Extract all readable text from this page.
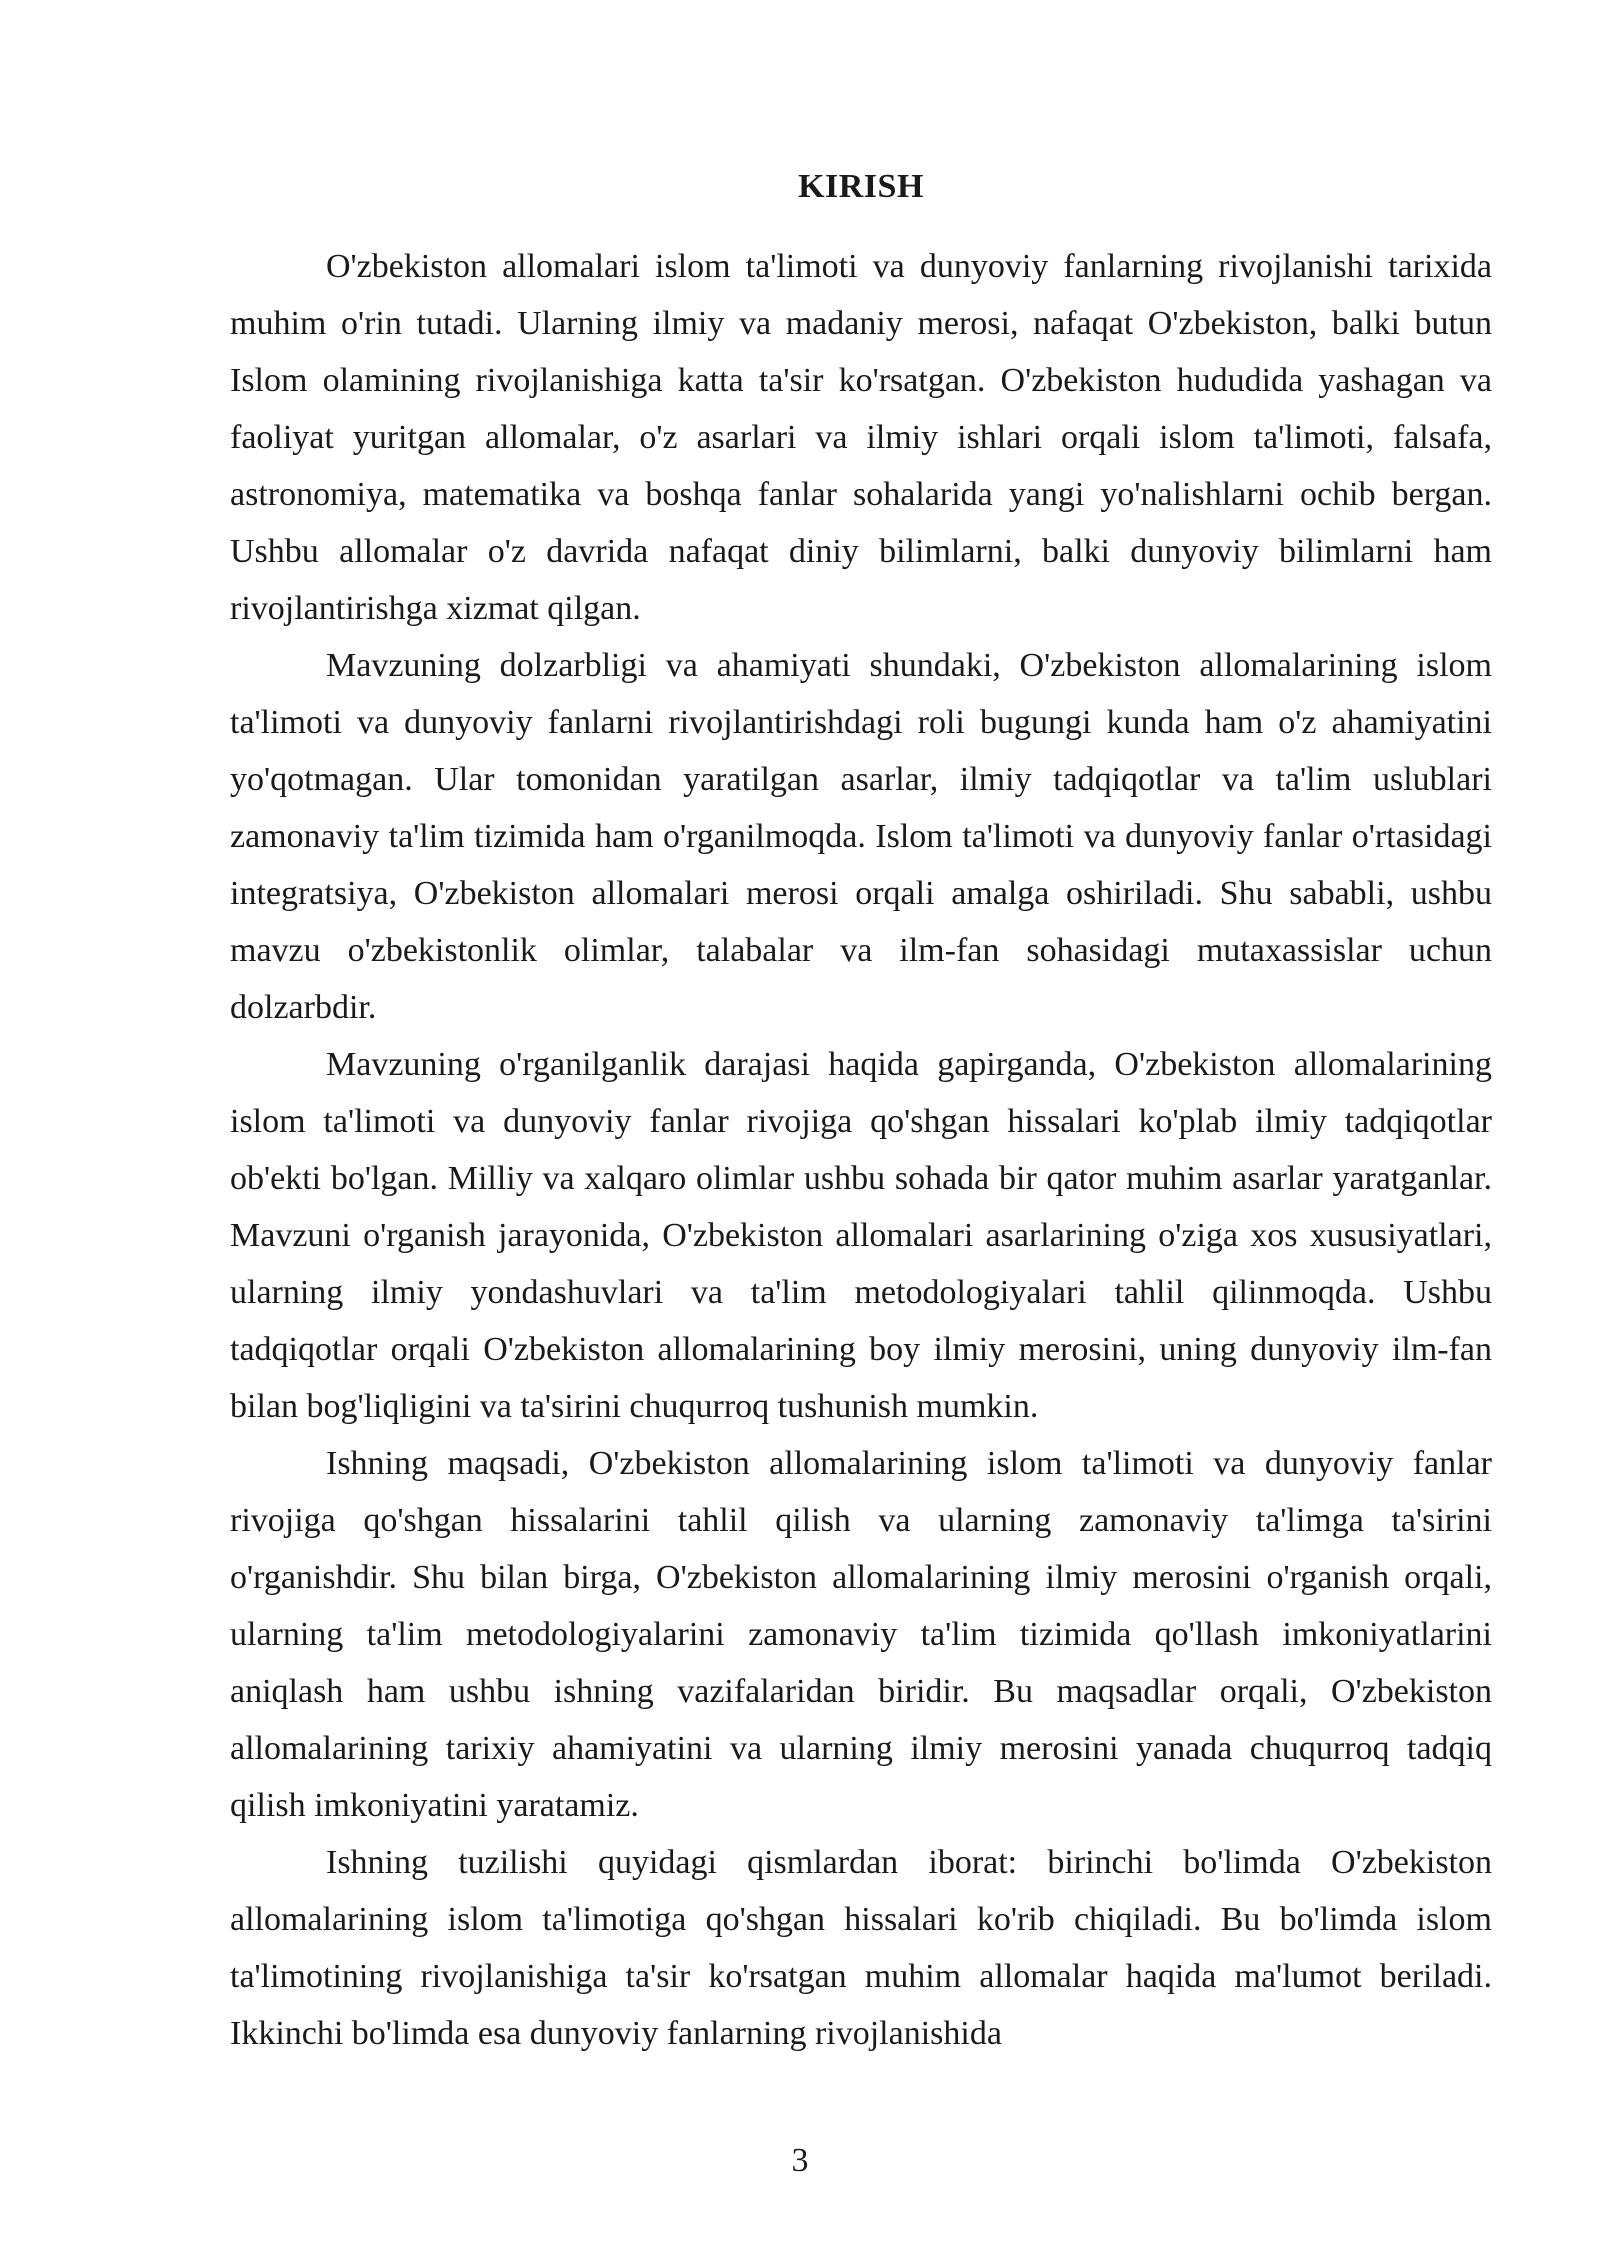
KIRISH

O'zbekiston allomalari islom ta'limoti va dunyoviy fanlarning rivojlanishi tarixida muhim o'rin tutadi. Ularning ilmiy va madaniy merosi, nafaqat O'zbekiston, balki butun Islom olamining rivojlanishiga katta ta'sir ko'rsatgan. O'zbekiston hududida yashagan va faoliyat yuritgan allomalar, o'z asarlari va ilmiy ishlari orqali islom ta'limoti, falsafa, astronomiya, matematika va boshqa fanlar sohalarida yangi yo'nalishlarni ochib bergan. Ushbu allomalar o'z davrida nafaqat diniy bilimlarni, balki dunyoviy bilimlarni ham rivojlantirishga xizmat qilgan.

Mavzuning dolzarbligi va ahamiyati shundaki, O'zbekiston allomalarining islom ta'limoti va dunyoviy fanlarni rivojlantirishdagi roli bugungi kunda ham o'z ahamiyatini yo'qotmagan. Ular tomonidan yaratilgan asarlar, ilmiy tadqiqotlar va ta'lim uslublari zamonaviy ta'lim tizimida ham o'rganilmoqda. Islom ta'limoti va dunyoviy fanlar o'rtasidagi integratsiya, O'zbekiston allomalari merosi orqali amalga oshiriladi. Shu sababli, ushbu mavzu o'zbekistonlik olimlar, talabalar va ilm-fan sohasidagi mutaxassislar uchun dolzarbdir.

Mavzuning o'rganilganlik darajasi haqida gapirganda, O'zbekiston allomalarining islom ta'limoti va dunyoviy fanlar rivojiga qo'shgan hissalari ko'plab ilmiy tadqiqotlar ob'ekti bo'lgan. Milliy va xalqaro olimlar ushbu sohada bir qator muhim asarlar yaratganlar. Mavzuni o'rganish jarayonida, O'zbekiston allomalari asarlarining o'ziga xos xususiyatlari, ularning ilmiy yondashuvlari va ta'lim metodologiyalari tahlil qilinmoqda. Ushbu tadqiqotlar orqali O'zbekiston allomalarining boy ilmiy merosini, uning dunyoviy ilm-fan bilan bog'liqligini va ta'sirini chuqurroq tushunish mumkin.

Ishning maqsadi, O'zbekiston allomalarining islom ta'limoti va dunyoviy fanlar rivojiga qo'shgan hissalarini tahlil qilish va ularning zamonaviy ta'limga ta'sirini o'rganishdir. Shu bilan birga, O'zbekiston allomalarining ilmiy merosini o'rganish orqali, ularning ta'lim metodologiyalarini zamonaviy ta'lim tizimida qo'llash imkoniyatlarini aniqlash ham ushbu ishning vazifalaridan biridir. Bu maqsadlar orqali, O'zbekiston allomalarining tarixiy ahamiyatini va ularning ilmiy merosini yanada chuqurroq tadqiq qilish imkoniyatini yaratamiz.

Ishning tuzilishi quyidagi qismlardan iborat: birinchi bo'limda O'zbekiston allomalarining islom ta'limotiga qo'shgan hissalari ko'rib chiqiladi. Bu bo'limda islom ta'limotining rivojlanishiga ta'sir ko'rsatgan muhim allomalar haqida ma'lumot beriladi. Ikkinchi bo'limda esa dunyoviy fanlarning rivojlanishida

3
